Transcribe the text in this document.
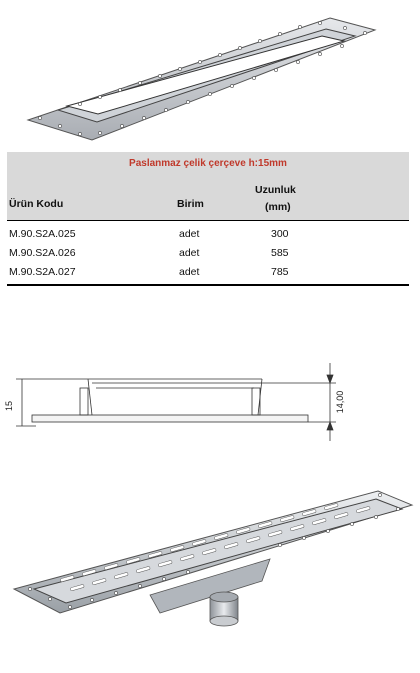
Paslanmaz çelik çerçeve h:15mm
Ürün Kodu	Birim
Uzunluk
(mm)
M.90.S2A.025	adet	300
M.90.S2A.026	adet	585
M.90.S2A.027	adet	785
15	14,00
